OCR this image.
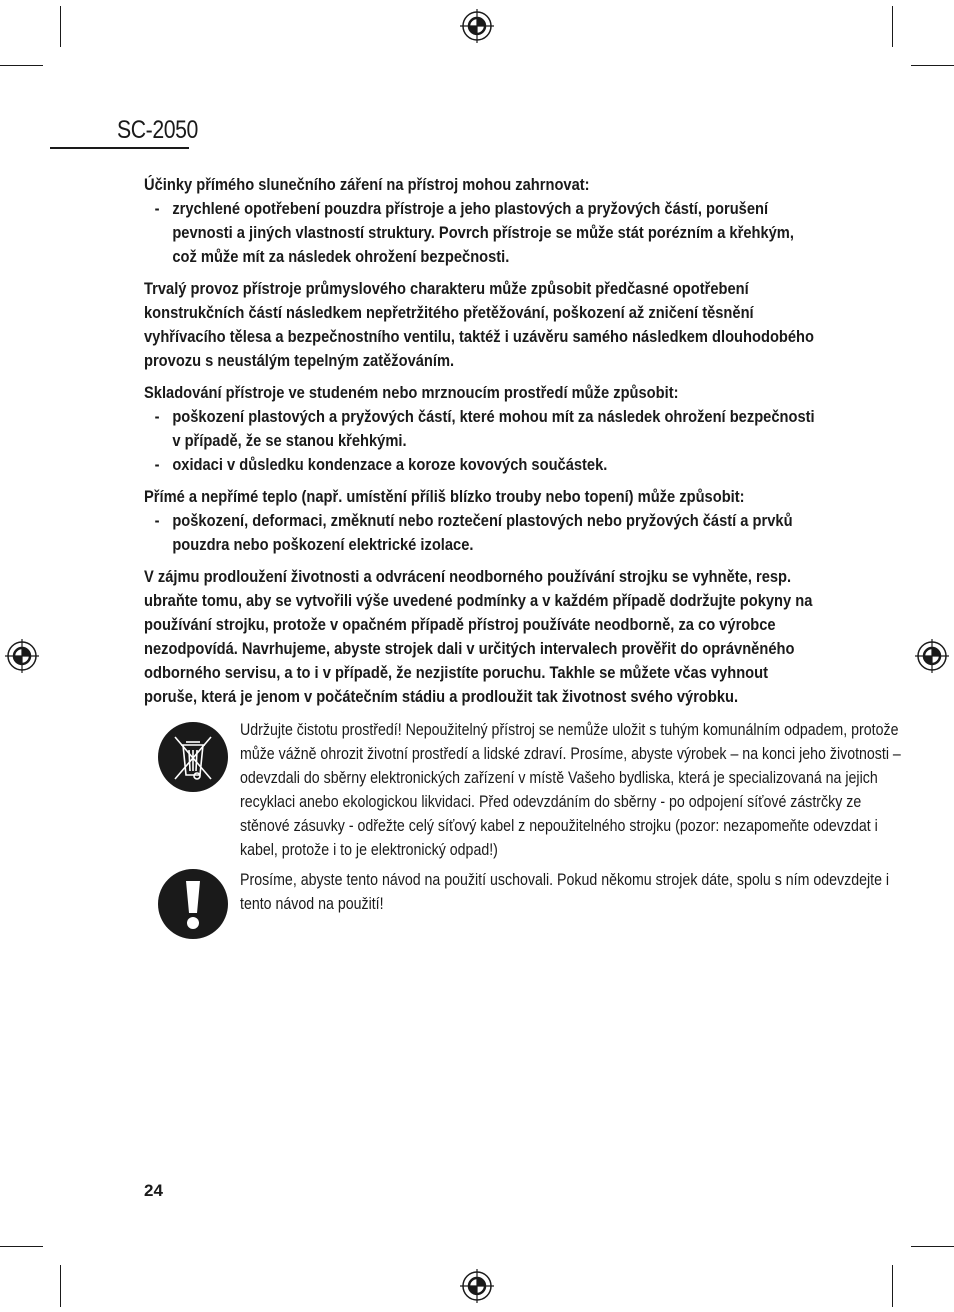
SC-2050
Účinky přímého slunečního záření na přístroj mohou zahrnovat:
- zrychlené opotřebení pouzdra přístroje a jeho plastových a pryžových částí, porušení pevnosti a jiných vlastností struktury. Povrch přístroje se může stát porézním a křehkým, což může mít za následek ohrožení bezpečnosti.
Trvalý provoz přístroje průmyslového charakteru může způsobit předčasné opotřebení konstrukčních částí následkem nepřetržitého přetěžování, poškození až zničení těsnění vyhřívacího tělesa a bezpečnostního ventilu, taktéž i uzávěru samého následkem dlouhodobého provozu s neustálým tepelným zatěžováním.
Skladování přístroje ve studeném nebo mrznoucím prostředí může způsobit:
- poškození plastových a pryžových částí, které mohou mít za následek ohrožení bezpečnosti v případě, že se stanou křehkými.
- oxidaci v důsledku kondenzace a koroze kovových součástek.
Přímé a nepřímé teplo (např. umístění příliš blízko trouby nebo topení) může způsobit:
- poškození, deformaci, změknutí nebo roztečení plastových nebo pryžových částí a prvků pouzdra nebo poškození elektrické izolace.
V zájmu prodloužení životnosti a odvrácení neodborného používání strojku se vyhněte, resp. ubraňte tomu, aby se vytvořili výše uvedené podmínky a v každém případě dodržujte pokyny na používání strojku, protože v opačném případě přístroj používáte neodborně, za co výrobce nezodpovídá. Navrhujeme, abyste strojek dali v určitých intervalech prověřit do oprávněného odborného servisu, a to i v případě, že nezjistíte poruchu. Takhle se můžete včas vyhnout poruše, která je jenom v počátečním stádiu a prodloužit tak životnost svého výrobku.
Udržujte čistotu prostředí! Nepoužitelný přístroj se nemůže uložit s tuhým komunálním odpadem, protože může vážně ohrozit životní prostředí a lidské zdraví. Prosíme, abyste výrobek – na konci jeho životnosti – odevzdali do sběrny elektronických zařízení v místě Vašeho bydliska, která je specializovaná na jejich recyklaci anebo ekologickou likvidaci. Před odevzdáním do sběrny - po odpojení síťové zástrčky ze stěnové zásuvky - odřežte celý síťový kabel z nepoužitelného strojku (pozor: nezapomeňte odevzdat i kabel, protože i to je elektronický odpad!)
Prosíme, abyste tento návod na použití uschovali. Pokud někomu strojek dáte, spolu s ním odevzdejte i tento návod na použití!
24
